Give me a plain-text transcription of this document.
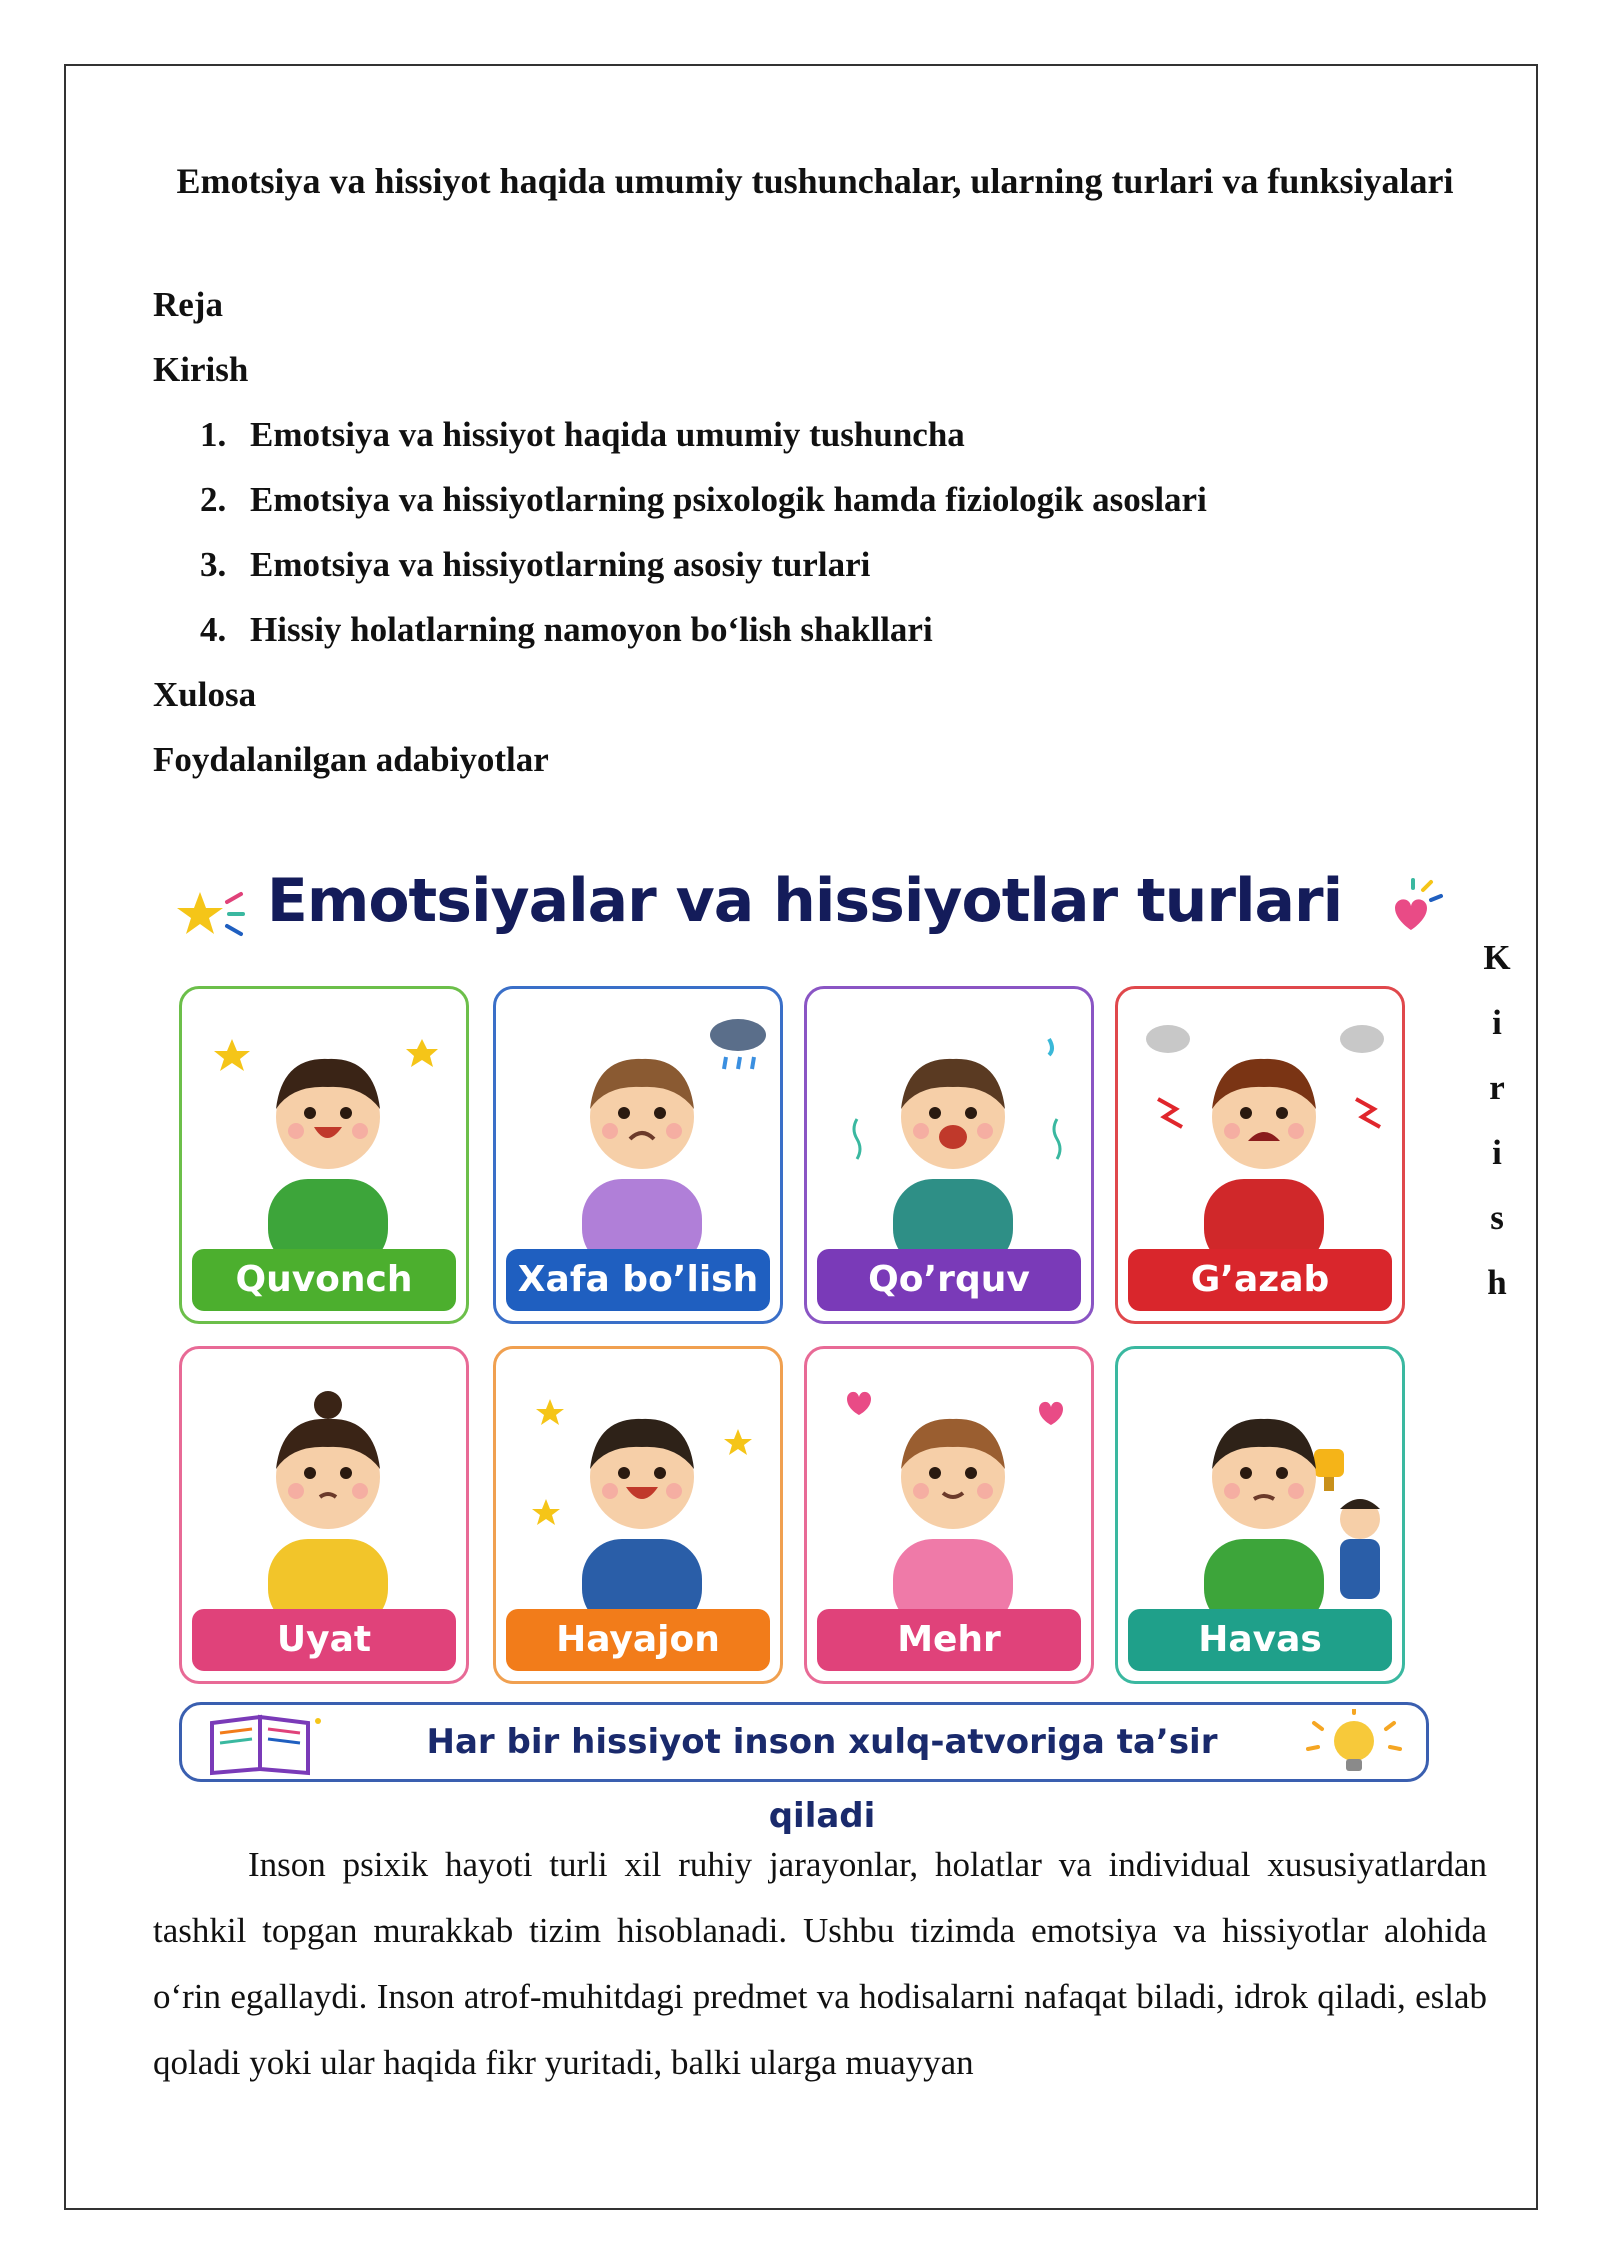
Emotsiya va hissiyot haqida umumiy tushunchalar, ularning turlari va funksiyalari
Reja
Kirish
1. Emotsiya va hissiyot haqida umumiy tushuncha
2. Emotsiya va hissiyotlarning psixologik hamda fiziologik asoslari
3. Emotsiya va hissiyotlarning asosiy turlari
4. Hissiy holatlarning namoyon bo‘lish shakllari
Xulosa
Foydalanilgan adabiyotlar
Emotsiyalar va hissiyotlar turlari
Quvonch	Xafa bo’lish	Qo’rquv	G’azab
Uyat	Hayajon	Mehr	Havas
Har bir hissiyot inson xulq-atvoriga ta’sir qiladi
K
i
r
i
s
h
Inson psixik hayoti turli xil ruhiy jarayonlar, holatlar va individual xususiyatlardan tashkil topgan murakkab tizim hisoblanadi. Ushbu tizimda emotsiya va hissiyotlar alohida o‘rin egallaydi. Inson atrof-muhitdagi predmet va hodisalarni nafaqat biladi, idrok qiladi, eslab qoladi yoki ular haqida fikr yuritadi, balki ularga muayyan
